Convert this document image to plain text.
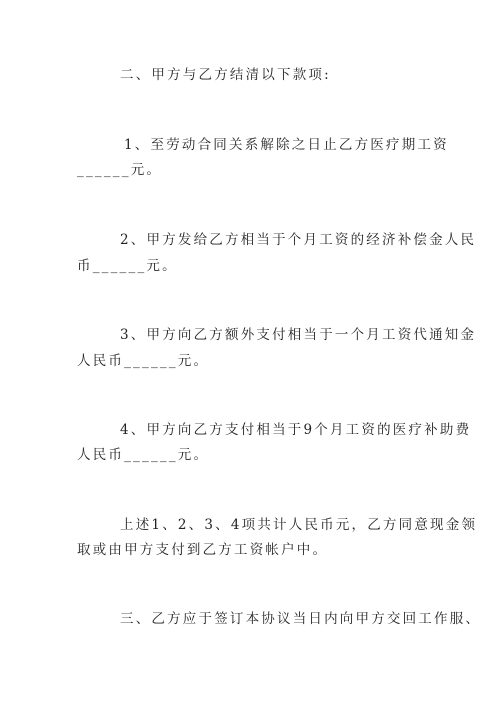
二、甲方与乙方结清以下款项:
1、至劳动合同关系解除之日止乙方医疗期工资
______元。
2、甲方发给乙方相当于个月工资的经济补偿金人民
币______元。
3、甲方向乙方额外支付相当于一个月工资代通知金
人民币______元。
4、甲方向乙方支付相当于9个月工资的医疗补助费
人民币______元。
上述1、2、3、4项共计人民币元，乙方同意现金领
取或由甲方支付到乙方工资帐户中。
三、乙方应于签订本协议当日内向甲方交回工作服、
